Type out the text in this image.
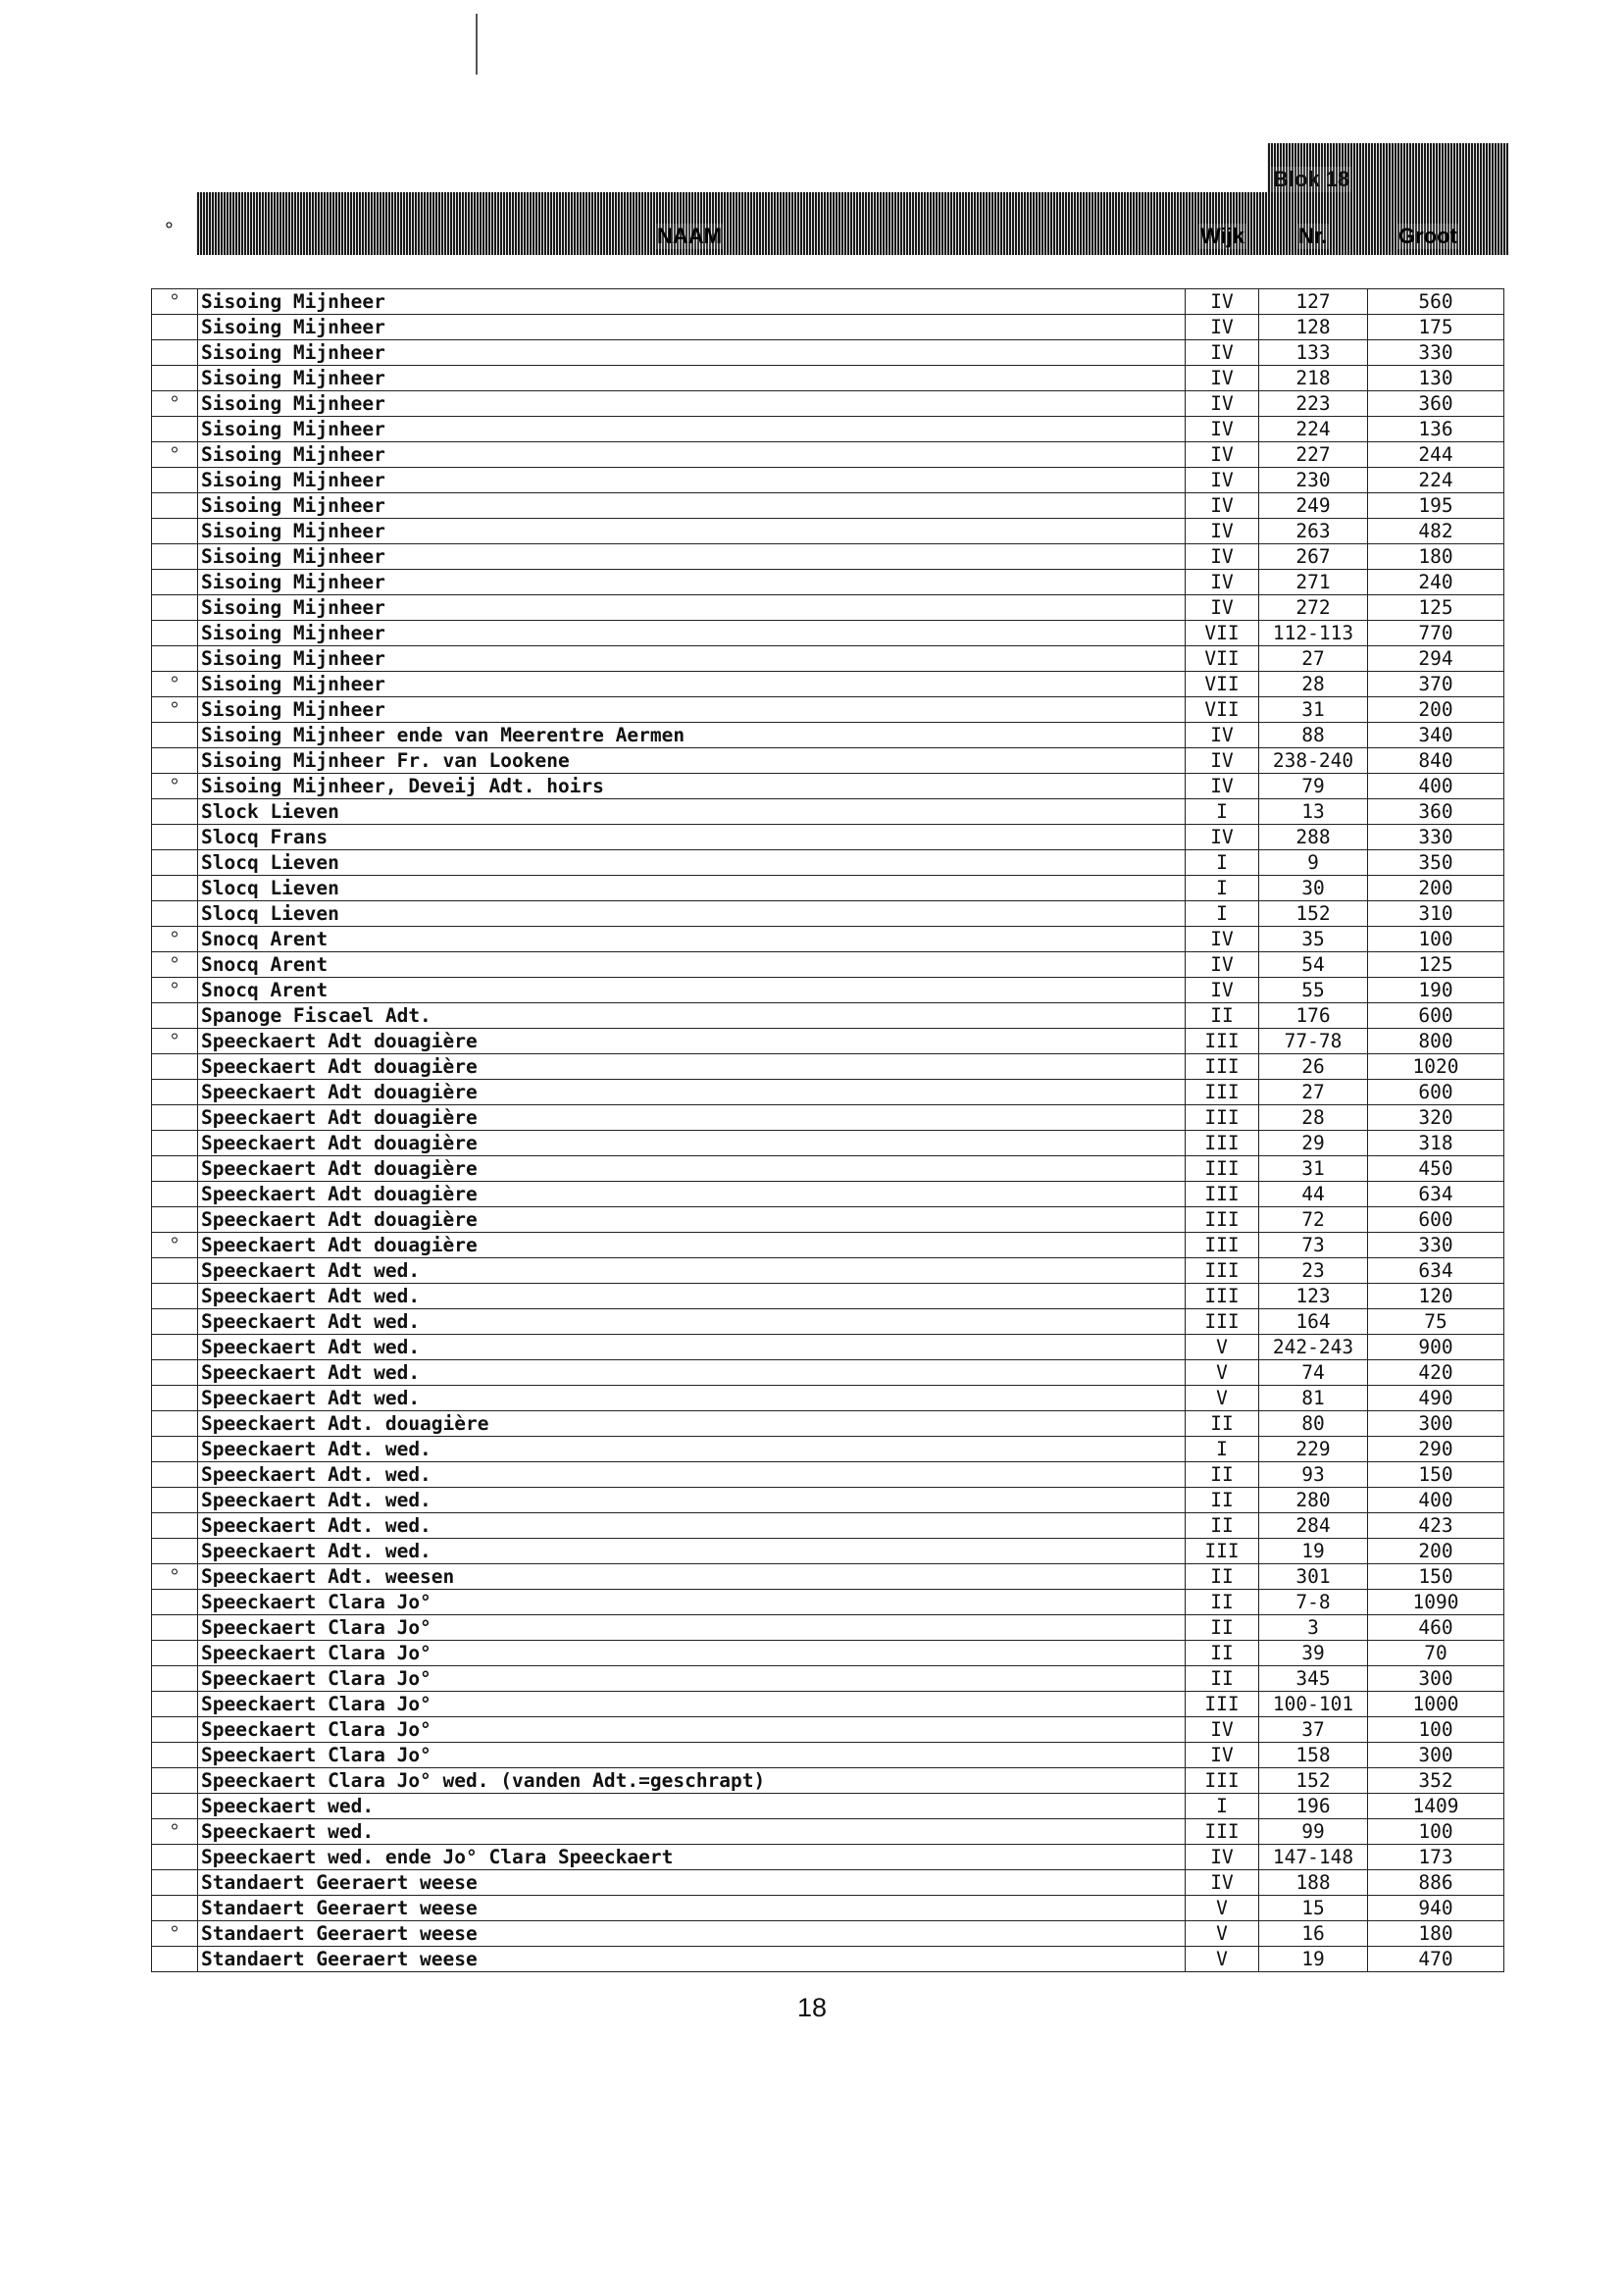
Blok 18
°	NAAM	Wijk Nr.	Groot
°	Sisoing Mijnheer	IV	127	560
	Sisoing Mijnheer	IV	128	175
	Sisoing Mijnheer	IV	133	330
	Sisoing Mijnheer	IV	218	130
°	Sisoing Mijnheer	IV	223	360
	Sisoing Mijnheer	IV	224	136
°	Sisoing Mijnheer	IV	227	244
	Sisoing Mijnheer	IV	230	224
	Sisoing Mijnheer	IV	249	195
	Sisoing Mijnheer	IV	263	482
	Sisoing Mijnheer	IV	267	180
	Sisoing Mijnheer	IV	271	240
	Sisoing Mijnheer	IV	272	125
	Sisoing Mijnheer	VII	112-113	770
	Sisoing Mijnheer	VII	27	294
°	Sisoing Mijnheer	VII	28	370
°	Sisoing Mijnheer	VII	31	200
	Sisoing Mijnheer ende van Meerentre Aermen	IV	88	340
	Sisoing Mijnheer Fr. van Lookene	IV	238-240	840
°	Sisoing Mijnheer, Deveij Adt. hoirs	IV	79	400
	Slock Lieven	I	13	360
	Slocq Frans	IV	288	330
	Slocq Lieven	I	9	350
	Slocq Lieven	I	30	200
	Slocq Lieven	I	152	310
°	Snocq Arent	IV	35	100
°	Snocq Arent	IV	54	125
°	Snocq Arent	IV	55	190
	Spanoge Fiscael Adt.	II	176	600
°	Speeckaert Adt douagière	III	77-78	800
	Speeckaert Adt douagière	III	26	1020
	Speeckaert Adt douagière	III	27	600
	Speeckaert Adt douagière	III	28	320
	Speeckaert Adt douagière	III	29	318
	Speeckaert Adt douagière	III	31	450
	Speeckaert Adt douagière	III	44	634
	Speeckaert Adt douagière	III	72	600
°	Speeckaert Adt douagière	III	73	330
	Speeckaert Adt wed.	III	23	634
	Speeckaert Adt wed.	III	123	120
	Speeckaert Adt wed.	III	164	75
	Speeckaert Adt wed.	V	242-243	900
	Speeckaert Adt wed.	V	74	420
	Speeckaert Adt wed.	V	81	490
	Speeckaert Adt. douagière	II	80	300
	Speeckaert Adt. wed.	I	229	290
	Speeckaert Adt. wed.	II	93	150
	Speeckaert Adt. wed.	II	280	400
	Speeckaert Adt. wed.	II	284	423
	Speeckaert Adt. wed.	III	19	200
°	Speeckaert Adt. weesen	II	301	150
	Speeckaert Clara Jo°	II	7-8	1090
	Speeckaert Clara Jo°	II	3	460
	Speeckaert Clara Jo°	II	39	70
	Speeckaert Clara Jo°	II	345	300
	Speeckaert Clara Jo°	III	100-101	1000
	Speeckaert Clara Jo°	IV	37	100
	Speeckaert Clara Jo°	IV	158	300
	Speeckaert Clara Jo° wed. (vanden Adt.=geschrapt)	III	152	352
	Speeckaert wed.	I	196	1409
°	Speeckaert wed.	III	99	100
	Speeckaert wed. ende Jo° Clara Speeckaert	IV	147-148	173
	Standaert Geeraert weese	IV	188	886
	Standaert Geeraert weese	V	15	940
°	Standaert Geeraert weese	V	16	180
	Standaert Geeraert weese	V	19	470
18
